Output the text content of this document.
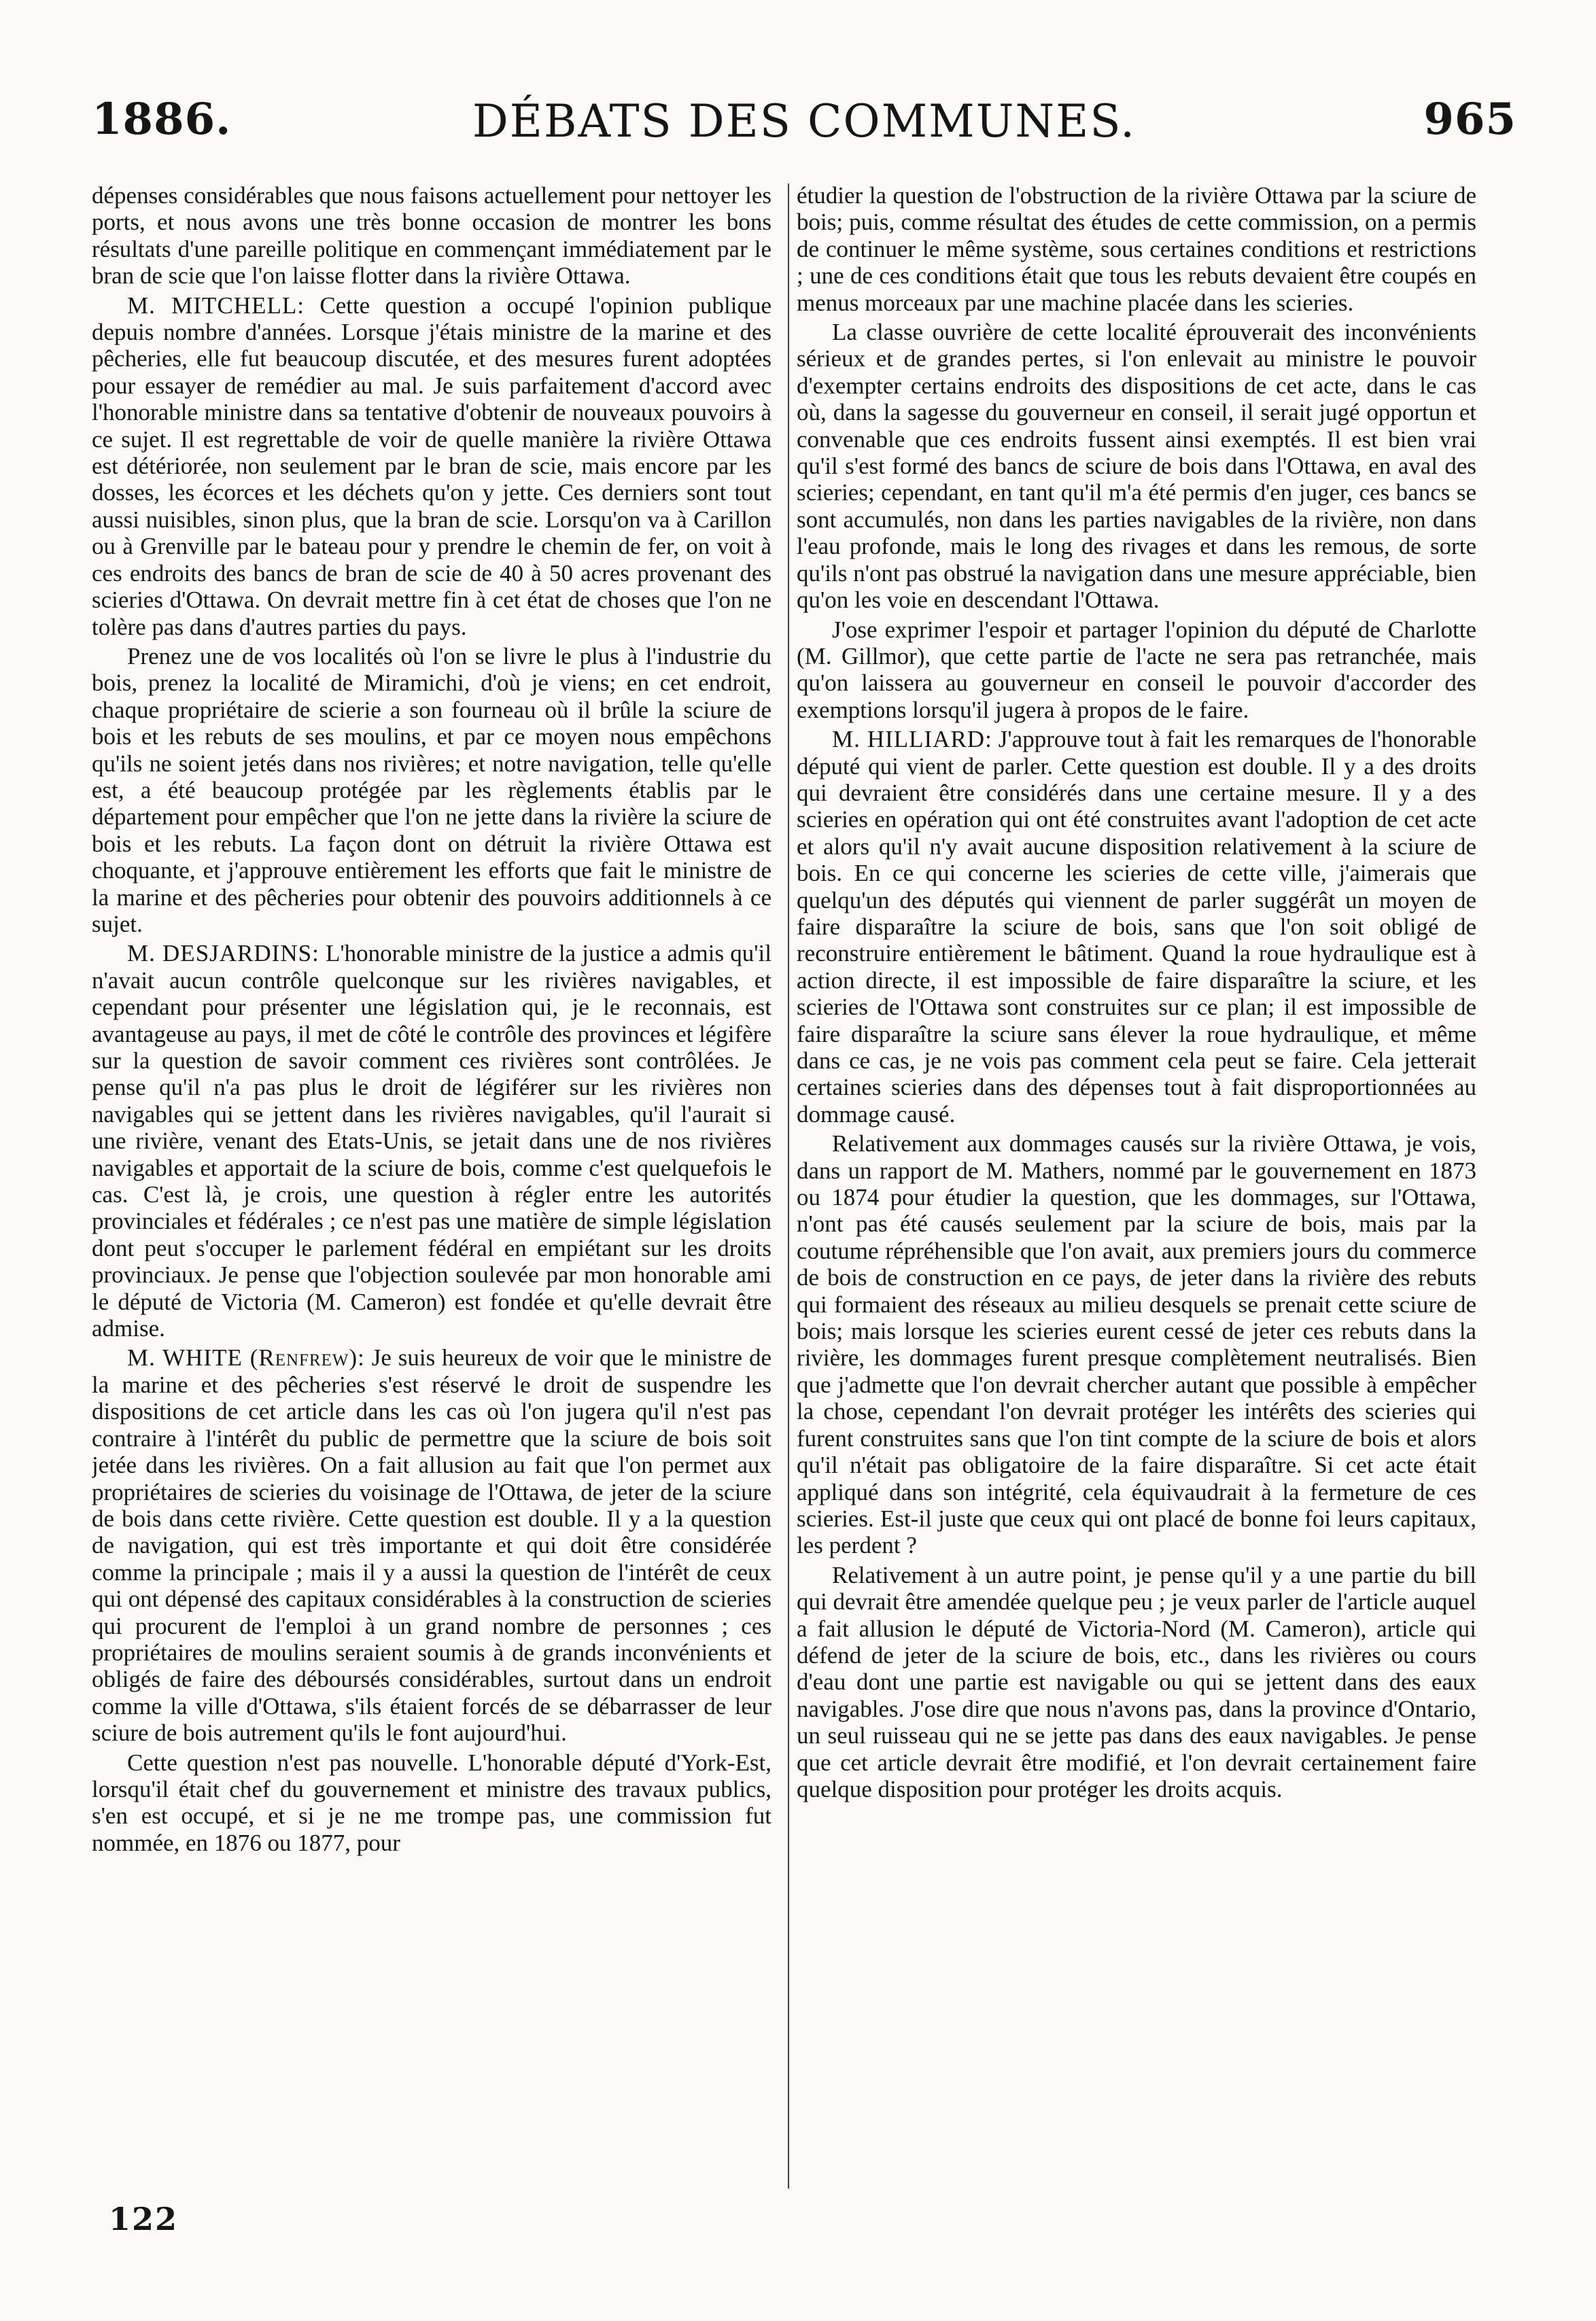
1886.	DÉBATS DES COMMUNES.	965

dépenses considérables que nous faisons actuellement pour nettoyer les ports, et nous avons une très bonne occasion de montrer les bons résultats d'une pareille politique en commençant immédiatement par le bran de scie que l'on laisse flotter dans la rivière Ottawa.

M. MITCHELL: Cette question a occupé l'opinion publique depuis nombre d'années. Lorsque j'étais ministre de la marine et des pêcheries, elle fut beaucoup discutée, et des mesures furent adoptées pour essayer de remédier au mal. Je suis parfaitement d'accord avec l'honorable ministre dans sa tentative d'obtenir de nouveaux pouvoirs à ce sujet. Il est regrettable de voir de quelle manière la rivière Ottawa est détériorée, non seulement par le bran de scie, mais encore par les dosses, les écorces et les déchets qu'on y jette. Ces derniers sont tout aussi nuisibles, sinon plus, que la bran de scie. Lorsqu'on va à Carillon ou à Grenville par le bateau pour y prendre le chemin de fer, on voit à ces endroits des bancs de bran de scie de 40 à 50 acres provenant des scieries d'Ottawa. On devrait mettre fin à cet état de choses que l'on ne tolère pas dans d'autres parties du pays.

Prenez une de vos localités où l'on se livre le plus à l'industrie du bois, prenez la localité de Miramichi, d'où je viens; en cet endroit, chaque propriétaire de scierie a son fourneau où il brûle la sciure de bois et les rebuts de ses moulins, et par ce moyen nous empêchons qu'ils ne soient jetés dans nos rivières; et notre navigation, telle qu'elle est, a été beaucoup protégée par les règlements établis par le département pour empêcher que l'on ne jette dans la rivière la sciure de bois et les rebuts. La façon dont on détruit la rivière Ottawa est choquante, et j'approuve entièrement les efforts que fait le ministre de la marine et des pêcheries pour obtenir des pouvoirs additionnels à ce sujet.

M. DESJARDINS: L'honorable ministre de la justice a admis qu'il n'avait aucun contrôle quelconque sur les rivières navigables, et cependant pour présenter une législation qui, je le reconnais, est avantageuse au pays, il met de côté le contrôle des provinces et légifère sur la question de savoir comment ces rivières sont contrôlées. Je pense qu'il n'a pas plus le droit de légiférer sur les rivières non navigables qui se jettent dans les rivières navigables, qu'il l'aurait si une rivière, venant des Etats-Unis, se jetait dans une de nos rivières navigables et apportait de la sciure de bois, comme c'est quelquefois le cas. C'est là, je crois, une question à régler entre les autorités provinciales et fédérales ; ce n'est pas une matière de simple législation dont peut s'occuper le parlement fédéral en empiétant sur les droits provinciaux. Je pense que l'objection soulevée par mon honorable ami le député de Victoria (M. Cameron) est fondée et qu'elle devrait être admise.

M. WHITE (Renfrew): Je suis heureux de voir que le ministre de la marine et des pêcheries s'est réservé le droit de suspendre les dispositions de cet article dans les cas où l'on jugera qu'il n'est pas contraire à l'intérêt du public de permettre que la sciure de bois soit jetée dans les rivières. On a fait allusion au fait que l'on permet aux propriétaires de scieries du voisinage de l'Ottawa, de jeter de la sciure de bois dans cette rivière. Cette question est double. Il y a la question de navigation, qui est très importante et qui doit être considérée comme la principale ; mais il y a aussi la question de l'intérêt de ceux qui ont dépensé des capitaux considérables à la construction de scieries qui procurent de l'emploi à un grand nombre de personnes ; ces propriétaires de moulins seraient soumis à de grands inconvénients et obligés de faire des déboursés considérables, surtout dans un endroit comme la ville d'Ottawa, s'ils étaient forcés de se débarrasser de leur sciure de bois autrement qu'ils le font aujourd'hui.

Cette question n'est pas nouvelle. L'honorable député d'York-Est, lorsqu'il était chef du gouvernement et ministre des travaux publics, s'en est occupé, et si je ne me trompe pas, une commission fut nommée, en 1876 ou 1877, pour

étudier la question de l'obstruction de la rivière Ottawa par la sciure de bois; puis, comme résultat des études de cette commission, on a permis de continuer le même système, sous certaines conditions et restrictions ; une de ces conditions était que tous les rebuts devaient être coupés en menus morceaux par une machine placée dans les scieries.

La classe ouvrière de cette localité éprouverait des inconvénients sérieux et de grandes pertes, si l'on enlevait au ministre le pouvoir d'exempter certains endroits des dispositions de cet acte, dans le cas où, dans la sagesse du gouverneur en conseil, il serait jugé opportun et convenable que ces endroits fussent ainsi exemptés. Il est bien vrai qu'il s'est formé des bancs de sciure de bois dans l'Ottawa, en aval des scieries; cependant, en tant qu'il m'a été permis d'en juger, ces bancs se sont accumulés, non dans les parties navigables de la rivière, non dans l'eau profonde, mais le long des rivages et dans les remous, de sorte qu'ils n'ont pas obstrué la navigation dans une mesure appréciable, bien qu'on les voie en descendant l'Ottawa.

J'ose exprimer l'espoir et partager l'opinion du député de Charlotte (M. Gillmor), que cette partie de l'acte ne sera pas retranchée, mais qu'on laissera au gouverneur en conseil le pouvoir d'accorder des exemptions lorsqu'il jugera à propos de le faire.

M. HILLIARD: J'approuve tout à fait les remarques de l'honorable député qui vient de parler. Cette question est double. Il y a des droits qui devraient être considérés dans une certaine mesure. Il y a des scieries en opération qui ont été construites avant l'adoption de cet acte et alors qu'il n'y avait aucune disposition relativement à la sciure de bois. En ce qui concerne les scieries de cette ville, j'aimerais que quelqu'un des députés qui viennent de parler suggérât un moyen de faire disparaître la sciure de bois, sans que l'on soit obligé de reconstruire entièrement le bâtiment. Quand la roue hydraulique est à action directe, il est impossible de faire disparaître la sciure, et les scieries de l'Ottawa sont construites sur ce plan; il est impossible de faire disparaître la sciure sans élever la roue hydraulique, et même dans ce cas, je ne vois pas comment cela peut se faire. Cela jetterait certaines scieries dans des dépenses tout à fait disproportionnées au dommage causé.

Relativement aux dommages causés sur la rivière Ottawa, je vois, dans un rapport de M. Mathers, nommé par le gouvernement en 1873 ou 1874 pour étudier la question, que les dommages, sur l'Ottawa, n'ont pas été causés seulement par la sciure de bois, mais par la coutume répréhensible que l'on avait, aux premiers jours du commerce de bois de construction en ce pays, de jeter dans la rivière des rebuts qui formaient des réseaux au milieu desquels se prenait cette sciure de bois; mais lorsque les scieries eurent cessé de jeter ces rebuts dans la rivière, les dommages furent presque complètement neutralisés. Bien que j'admette que l'on devrait chercher autant que possible à empêcher la chose, cependant l'on devrait protéger les intérêts des scieries qui furent construites sans que l'on tint compte de la sciure de bois et alors qu'il n'était pas obligatoire de la faire disparaître. Si cet acte était appliqué dans son intégrité, cela équivaudrait à la fermeture de ces scieries. Est-il juste que ceux qui ont placé de bonne foi leurs capitaux, les perdent ?

Relativement à un autre point, je pense qu'il y a une partie du bill qui devrait être amendée quelque peu ; je veux parler de l'article auquel a fait allusion le député de Victoria-Nord (M. Cameron), article qui défend de jeter de la sciure de bois, etc., dans les rivières ou cours d'eau dont une partie est navigable ou qui se jettent dans des eaux navigables. J'ose dire que nous n'avons pas, dans la province d'Ontario, un seul ruisseau qui ne se jette pas dans des eaux navigables. Je pense que cet article devrait être modifié, et l'on devrait certainement faire quelque disposition pour protéger les droits acquis.

122
